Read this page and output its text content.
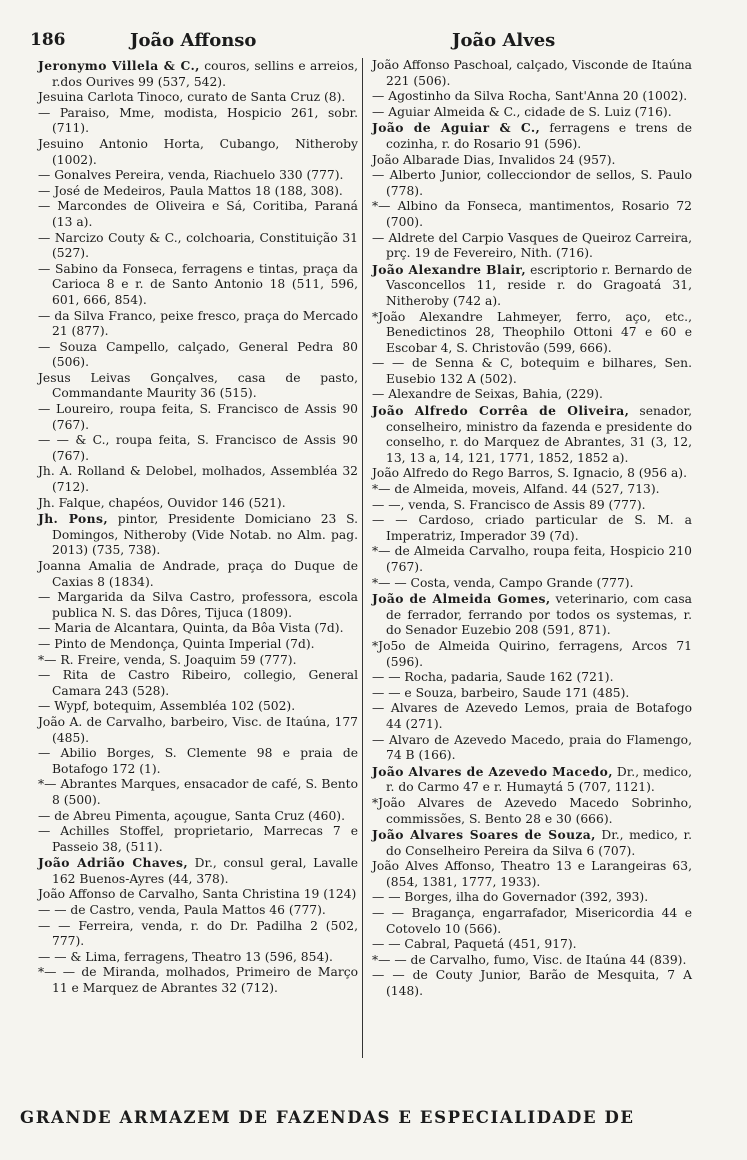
186	João Affonso	João Alves
Jeronymo Villela & C., couros, sellins e arreios, r.dos Ourives 99 (537, 542).
Jesuina Carlota Tinoco, curato de Santa Cruz (8).
— Paraiso, Mme, modista, Hospicio 261, sobr. (711).
Jesuino Antonio Horta, Cubango, Nitheroby (1002).
— Gonalves Pereira, venda, Riachuelo 330 (777).
— José de Medeiros, Paula Mattos 18 (188, 308).
— Marcondes de Oliveira e Sá, Coritiba, Paraná (13 a).
— Narcizo Couty & C., colchoaria, Constituição 31 (527).
— Sabino da Fonseca, ferragens e tintas, praça da Carioca 8 e r. de Santo Antonio 18 (511, 596, 601, 666, 854).
— da Silva Franco, peixe fresco, praça do Mercado 21 (877).
— Souza Campello, calçado, General Pedra 80 (506).
Jesus Leivas Gonçalves, casa de pasto, Commandante Maurity 36 (515).
— Loureiro, roupa feita, S. Francisco de Assis 90 (767).
— — & C., roupa feita, S. Francisco de Assis 90 (767).
Jh. A. Rolland & Delobel, molhados, Assembléa 32 (712).
Jh. Falque, chapéos, Ouvidor 146 (521).
Jh. Pons, pintor, Presidente Domiciano 23 S. Domingos, Nitheroby (Vide Notab. no Alm. pag. 2013) (735, 738).
Joanna Amalia de Andrade, praça do Duque de Caxias 8 (1834).
— Margarida da Silva Castro, professora, escola publica N. S. das Dôres, Tijuca (1809).
— Maria de Alcantara, Quinta, da Bôa Vista (7d).
— Pinto de Mendonça, Quinta Imperial (7d).
*— R. Freire, venda, S. Joaquim 59 (777).
— Rita de Castro Ribeiro, collegio, General Camara 243 (528).
— Wypf, botequim, Assembléa 102 (502).
João A. de Carvalho, barbeiro, Visc. de Itaúna, 177 (485).
— Abilio Borges, S. Clemente 98 e praia de Botafogo 172 (1).
*— Abrantes Marques, ensacador de café, S. Bento 8 (500).
— de Abreu Pimenta, açougue, Santa Cruz (460).
— Achilles Stoffel, proprietario, Marrecas 7 e Passeio 38, (511).
João Adrião Chaves, Dr., consul geral, Lavalle 162 Buenos-Ayres (44, 378).
João Affonso de Carvalho, Santa Christina 19 (124)
— — de Castro, venda, Paula Mattos 46 (777).
— — Ferreira, venda, r. do Dr. Padilha 2 (502, 777).
— — & Lima, ferragens, Theatro 13 (596, 854).
*— — de Miranda, molhados, Primeiro de Março 11 e Marquez de Abrantes 32 (712).
João Affonso Paschoal, calçado, Visconde de Itaúna 221 (506).
— Agostinho da Silva Rocha, Sant'Anna 20 (1002).
— Aguiar Almeida & C., cidade de S. Luiz (716).
João de Aguiar & C., ferragens e trens de cozinha, r. do Rosario 91 (596).
João Albarade Dias, Invalidos 24 (957).
— Alberto Junior, collecciondor de sellos, S. Paulo (778).
*— Albino da Fonseca, mantimentos, Rosario 72 (700).
— Aldrete del Carpio Vasques de Queiroz Carreira, prç. 19 de Fevereiro, Nith. (716).
João Alexandre Blair, escriptorio r. Bernardo de Vasconcellos 11, reside r. do Gragoatá 31, Nitheroby (742 a).
*João Alexandre Lahmeyer, ferro, aço, etc., Benedictinos 28, Theophilo Ottoni 47 e 60 e Escobar 4, S. Christovão (599, 666).
— — de Senna & C, botequim e bilhares, Sen. Eusebio 132 A (502).
— Alexandre de Seixas, Bahia, (229).
João Alfredo Corrêa de Oliveira, senador, conselheiro, ministro da fazenda e presidente do conselho, r. do Marquez de Abrantes, 31 (3, 12, 13, 13 a, 14, 121, 1771, 1852, 1852 a).
João Alfredo do Rego Barros, S. Ignacio, 8 (956 a).
*— de Almeida, moveis, Alfand. 44 (527, 713).
— —, venda, S. Francisco de Assis 89 (777).
— — Cardoso, criado particular de S. M. a Imperatriz, Imperador 39 (7d).
*— de Almeida Carvalho, roupa feita, Hospicio 210 (767).
*— — Costa, venda, Campo Grande (777).
João de Almeida Gomes, veterinario, com casa de ferrador, ferrando por todos os systemas, r. do Senador Euzebio 208 (591, 871).
*Jo5o de Almeida Quirino, ferragens, Arcos 71 (596).
— — Rocha, padaria, Saude 162 (721).
— — e Souza, barbeiro, Saude 171 (485).
— Alvares de Azevedo Lemos, praia de Botafogo 44 (271).
— Alvaro de Azevedo Macedo, praia do Flamengo, 74 B (166).
João Alvares de Azevedo Macedo, Dr., medico, r. do Carmo 47 e r. Humaytá 5 (707, 1121).
*João Alvares de Azevedo Macedo Sobrinho, commissões, S. Bento 28 e 30 (666).
João Alvares Soares de Souza, Dr., medico, r. do Conselheiro Pereira da Silva 6 (707).
João Alves Affonso, Theatro 13 e Larangeiras 63, (854, 1381, 1777, 1933).
— — Borges, ilha do Governador (392, 393).
— — Bragança, engarrafador, Misericordia 44 e Cotovelo 10 (566).
— — Cabral, Paquetá (451, 917).
*— — de Carvalho, fumo, Visc. de Itaúna 44 (839).
— — de Couty Junior, Barão de Mesquita, 7 A (148).
GRANDE ARMAZEM DE FAZENDAS E ESPECIALIDADE DE
